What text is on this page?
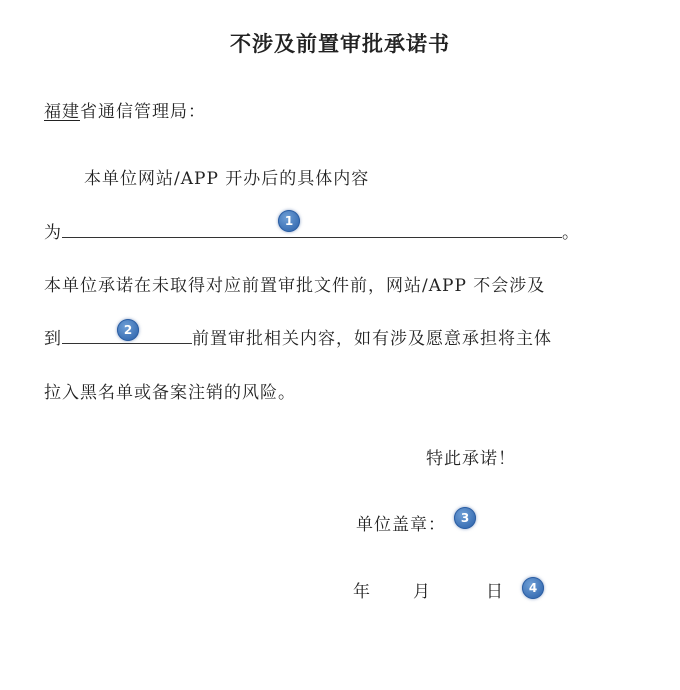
不涉及前置审批承诺书
福建省通信管理局：
本单位网站/APP 开办后的具体内容
为	。
本单位承诺在未取得对应前置审批文件前，网站/APP 不会涉及
到	前置审批相关内容，如有涉及愿意承担将主体
拉入黑名单或备案注销的风险。
特此承诺！
单位盖章：
年 月	日
1
2
3
4
